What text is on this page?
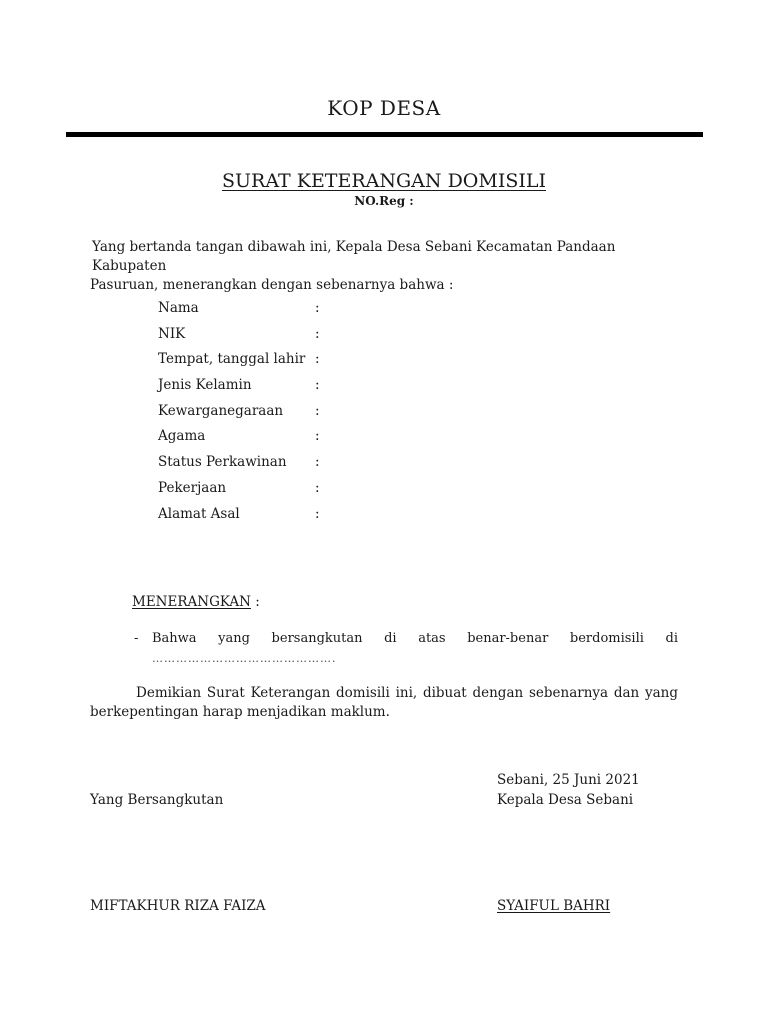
KOP DESA
SURAT KETERANGAN DOMISILI
NO.Reg :
Yang bertanda tangan dibawah ini, Kepala Desa Sebani Kecamatan Pandaan Kabupaten
Pasuruan, menerangkan dengan sebenarnya bahwa :
Nama	:
NIK	:
Tempat, tanggal lahir :
Jenis Kelamin	:
Kewarganegaraan :
Agama	:
Status Perkawinan :
Pekerjaan	:
Alamat Asal	:
MENERANGKAN :
- Bahwa yang bersangkutan di atas benar-benar berdomisili di
……………………………………….
Demikian Surat Keterangan domisili ini, dibuat dengan sebenarnya dan yang
berkepentingan harap menjadikan maklum.
Sebani, 25 Juni 2021
Yang Bersangkutan	Kepala Desa Sebani
MIFTAKHUR RIZA FAIZA	SYAIFUL BAHRI
